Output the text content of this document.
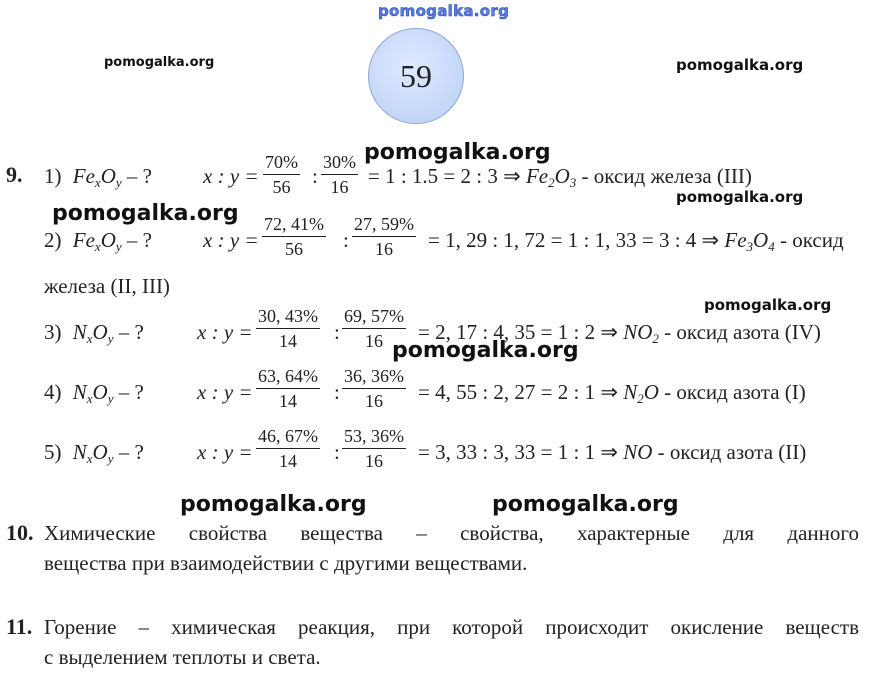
pomogalka.org
pomogalka.org	pomogalka.org
59
9. 1) $Fe_xO_y$ – ? x : $y = \frac{70\%}{56}$ : $\frac{30\%}{16} = 1$ : 1.5 = 2 : 3 ⇒ $Fe_2O_3$ - оксид железа (III)
2) $Fe_xO_y$ – ? x : $y = \frac{72, 41\%}{56}$ : $\frac{27, 59\%}{16} = 1$, 29 : 1, 72 = 1 : 1, 33 = 3 : 4 ⇒ $Fe_3O_4$ - оксид
железа (II, III)
3) $N_xO_y$ – ?	x : $y = \frac{30, 43\%}{14}$ : $\frac{69, 57\%}{16} = 2$, 17 : 4, 35 = 1 : 2 ⇒ $NO_2$ - оксид азота (IV)
4) $N_xO_y$ – ?	x : $y = \frac{63, 64\%}{14}$ : $\frac{36, 36\%}{16} = 4$, 55 : 2, 27 = 2 : 1 ⇒ $N_2O$ - оксид азота (I)
5) $N_xO_y$ – ?	x : $y = \frac{46, 67\%}{14}$ : $\frac{53, 36\%}{16} = 3$, 33 : 3, 33 = 1 : 1 ⇒ NO - оксид азота (II)
pomogalka.org
pomogalka.org
pomogalka.org
pomogalka.org
pomogalka.org
pomogalka.org	pomogalka.org
10. Химические свойства вещества – свойства, характерные для данного
вещества при взаимодействии с другими веществами.
11. Горение – химическая реакция, при которой происходит окисление веществ
с выделением теплоты и света.
